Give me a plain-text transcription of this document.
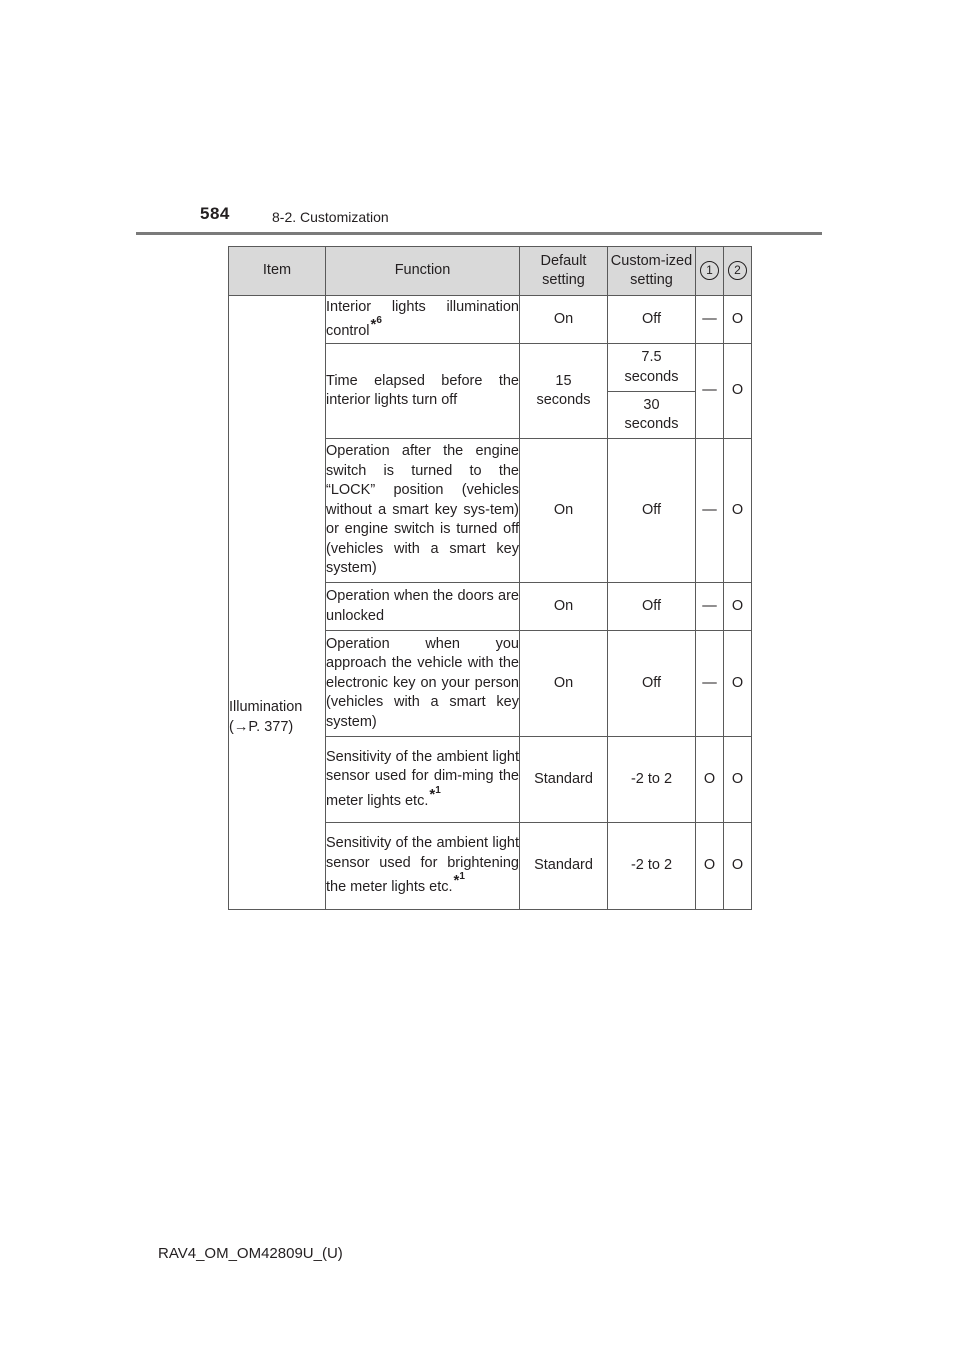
584	8-2. Customization
Item	Function	Default setting	Custom-ized setting	1	2
Illumination
(→P. 377)	Interior lights illumination control*$^6$	On	Off	—	O
	Time elapsed before the interior lights turn off	15 seconds	7.5 seconds	—	O
			30 seconds		
	Operation after the engine switch is turned to the “LOCK” position (vehicles without a smart key sys-tem) or engine switch is turned off (vehicles with a smart key system)	On	Off	—	O
	Operation when the doors are unlocked	On	Off	—	O
	Operation when you approach the vehicle with the electronic key on your person (vehicles with a smart key system)	On	Off	—	O
	Sensitivity of the ambient light sensor used for dim-ming the meter lights etc.*$^1$	Standard	-2 to 2	O	O
	Sensitivity of the ambient light sensor used for brightening the meter lights etc.*$^1$	Standard	-2 to 2	O	O
RAV4_OM_OM42809U_(U)
